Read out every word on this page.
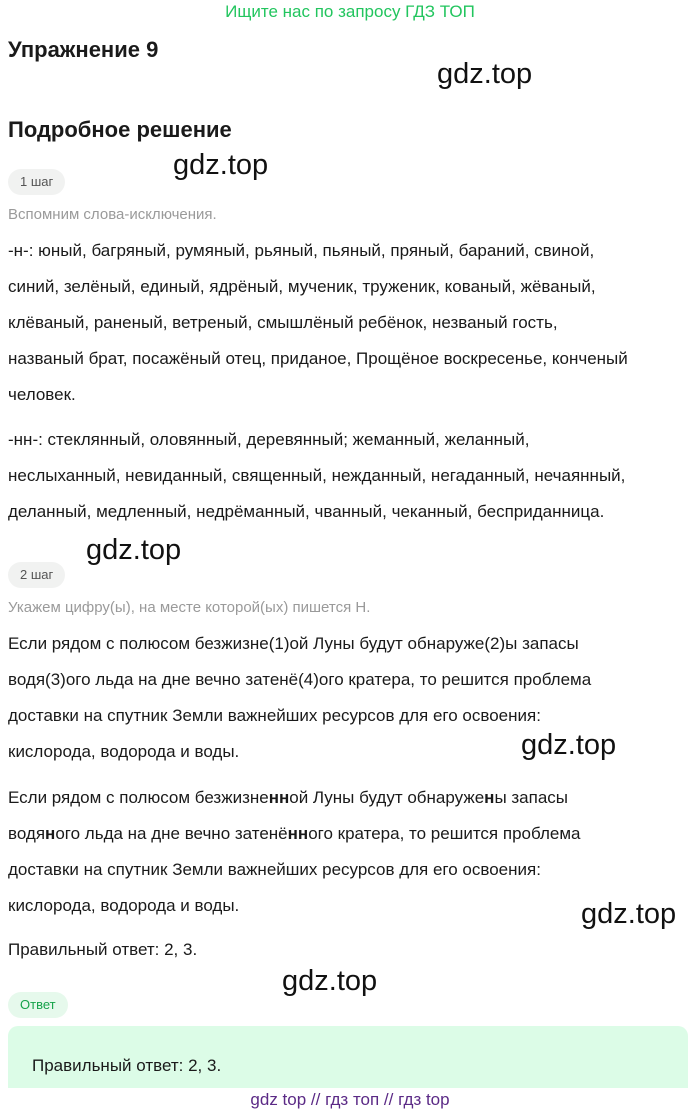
Ищите нас по запросу ГДЗ ТОП
Упражнение 9
gdz.top
Подробное решение
gdz.top
1 шаг
Вспомним слова-исключения.
-н-: юный, багряный, румяный, рьяный, пьяный, пряный, бараний, свиной,
синий, зелёный, единый, ядрёный, мученик, труженик, кованый, жёваный,
клёваный, раненый, ветреный, смышлёный ребёнок, незваный гость,
названый брат, посажёный отец, приданое, Прощёное воскресенье, конченый
человек.
-нн-: стеклянный, оловянный, деревянный; жеманный, желанный,
неслыханный, невиданный, священный, нежданный, негаданный, нечаянный,
деланный, медленный, недрёманный, чванный, чеканный, бесприданница.
gdz.top
2 шаг
Укажем цифру(ы), на месте которой(ых) пишется Н.
Если рядом с полюсом безжизне(1)ой Луны будут обнаруже(2)ы запасы
водя(3)ого льда на дне вечно затенё(4)ого кратера, то решится проблема
доставки на спутник Земли важнейших ресурсов для его освоения:
кислорода, водорода и воды.	gdz.top
Если рядом с полюсом безжизненной Луны будут обнаружены запасы
водяного льда на дне вечно затенённого кратера, то решится проблема
доставки на спутник Земли важнейших ресурсов для его освоения:
кислорода, водорода и воды.	gdz.top
Правильный ответ: 2, 3.
gdz.top
Ответ
Правильный ответ: 2, 3.
gdz top // гдз топ // гдз top
